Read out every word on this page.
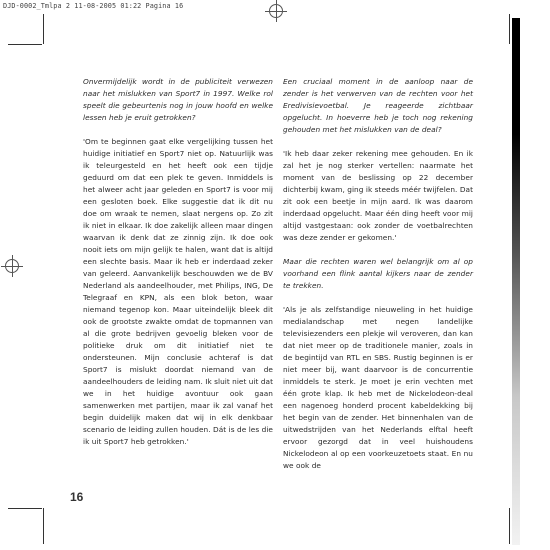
DJD-0002_Tmlpa 2 11-08-2005 01:22 Pagina 16

Onvermijdelijk wordt in de publiciteit verwezen naar het mislukken van Sport7 in 1997. Welke rol speelt die gebeurtenis nog in jouw hoofd en welke lessen heb je eruit getrokken?

'Om te beginnen gaat elke vergelijking tussen het huidige initiatief en Sport7 niet op. Natuurlijk was ik teleurgesteld en het heeft ook een tijdje geduurd om dat een plek te geven. Inmiddels is het alweer acht jaar geleden en Sport7 is voor mij een gesloten boek. Elke suggestie dat ik dit nu doe om wraak te nemen, slaat nergens op. Zo zit ik niet in elkaar. Ik doe zakelijk alleen maar dingen waarvan ik denk dat ze zinnig zijn. Ik doe ook nooit iets om mijn gelijk te halen, want dat is altijd een slechte basis. Maar ik heb er inderdaad zeker van geleerd. Aanvankelijk beschouwden we de BV Nederland als aandeelhouder, met Philips, ING, De Telegraaf en KPN, als een blok beton, waar niemand tegenop kon. Maar uiteindelijk bleek dit ook de grootste zwakte omdat de topmannen van al die grote bedrijven gevoelig bleken voor de politieke druk om dit initiatief niet te ondersteunen. Mijn conclusie achteraf is dat Sport7 is mislukt doordat niemand van de aandeelhouders de leiding nam. Ik sluit niet uit dat we in het huidige avontuur ook gaan samenwerken met partijen, maar ik zal vanaf het begin duidelijk maken dat wij in elk denkbaar scenario de leiding zullen houden. Dát is de les die ik uit Sport7 heb getrokken.'

Een cruciaal moment in de aanloop naar de zender is het verwerven van de rechten voor het Eredivisievoetbal. Je reageerde zichtbaar opgelucht. In hoeverre heb je toch nog rekening gehouden met het mislukken van de deal?

'Ik heb daar zeker rekening mee gehouden. En ik zal het je nog sterker vertellen: naarmate het moment van de beslissing op 22 december dichterbij kwam, ging ik steeds méér twijfelen. Dat zit ook een beetje in mijn aard. Ik was daarom inderdaad opgelucht. Maar één ding heeft voor mij altijd vastgestaan: ook zonder de voetbalrechten was deze zender er gekomen.'

Maar die rechten waren wel belangrijk om al op voorhand een flink aantal kijkers naar de zender te trekken.

'Als je als zelfstandige nieuweling in het huidige medialandschap met negen landelijke televisiezenders een plekje wil veroveren, dan kan dat niet meer op de traditionele manier, zoals in de begintijd van RTL en SBS. Rustig beginnen is er niet meer bij, want daarvoor is de concurrentie inmiddels te sterk. Je moet je erin vechten met één grote klap. Ik heb met de Nickelodeon-deal een nagenoeg honderd procent kabeldekking bij het begin van de zender. Het binnenhalen van de uitwedstrijden van het Nederlands elftal heeft ervoor gezorgd dat in veel huishoudens Nickelodeon al op een voorkeuzetoets staat. En nu we ook de

16
